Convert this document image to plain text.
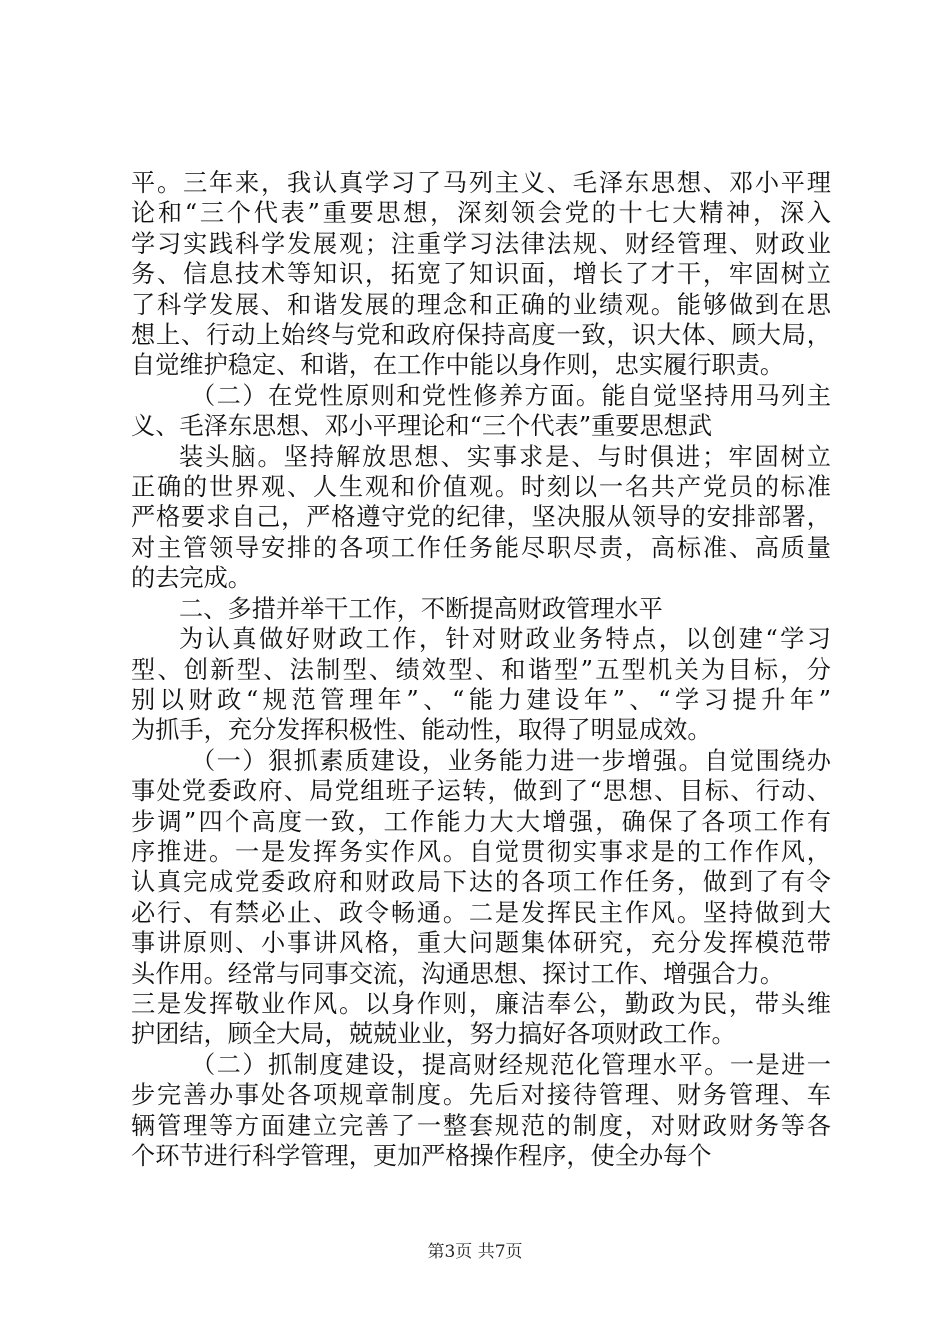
平。三年来，我认真学习了马列主义、毛泽东思想、邓小平理
论和“三个代表”重要思想，深刻领会党的十七大精神，深入
学习实践科学发展观；注重学习法律法规、财经管理、财政业
务、信息技术等知识，拓宽了知识面，增长了才干，牢固树立
了科学发展、和谐发展的理念和正确的业绩观。能够做到在思
想上、行动上始终与党和政府保持高度一致，识大体、顾大局，
自觉维护稳定、和谐，在工作中能以身作则，忠实履行职责。
（二）在党性原则和党性修养方面。能自觉坚持用马列主
义、毛泽东思想、邓小平理论和“三个代表”重要思想武
装头脑。坚持解放思想、实事求是、与时俱进；牢固树立
正确的世界观、人生观和价值观。时刻以一名共产党员的标准
严格要求自己，严格遵守党的纪律，坚决服从领导的安排部署，
对主管领导安排的各项工作任务能尽职尽责，高标准、高质量
的去完成。
二、多措并举干工作，不断提高财政管理水平
为认真做好财政工作，针对财政业务特点，以创建“学习
型、创新型、法制型、绩效型、和谐型”五型机关为目标，分
别以财政“规范管理年”、“能力建设年”、“学习提升年”
为抓手，充分发挥积极性、能动性，取得了明显成效。
（一）狠抓素质建设，业务能力进一步增强。自觉围绕办
事处党委政府、局党组班子运转，做到了“思想、目标、行动、
步调”四个高度一致，工作能力大大增强，确保了各项工作有
序推进。一是发挥务实作风。自觉贯彻实事求是的工作作风，
认真完成党委政府和财政局下达的各项工作任务，做到了有令
必行、有禁必止、政令畅通。二是发挥民主作风。坚持做到大
事讲原则、小事讲风格，重大问题集体研究，充分发挥模范带
头作用。经常与同事交流，沟通思想、探讨工作、增强合力。
三是发挥敬业作风。以身作则，廉洁奉公，勤政为民，带头维
护团结，顾全大局，兢兢业业，努力搞好各项财政工作。
（二）抓制度建设，提高财经规范化管理水平。一是进一
步完善办事处各项规章制度。先后对接待管理、财务管理、车
辆管理等方面建立完善了一整套规范的制度，对财政财务等各
个环节进行科学管理，更加严格操作程序，使全办每个
第3页 共7页
